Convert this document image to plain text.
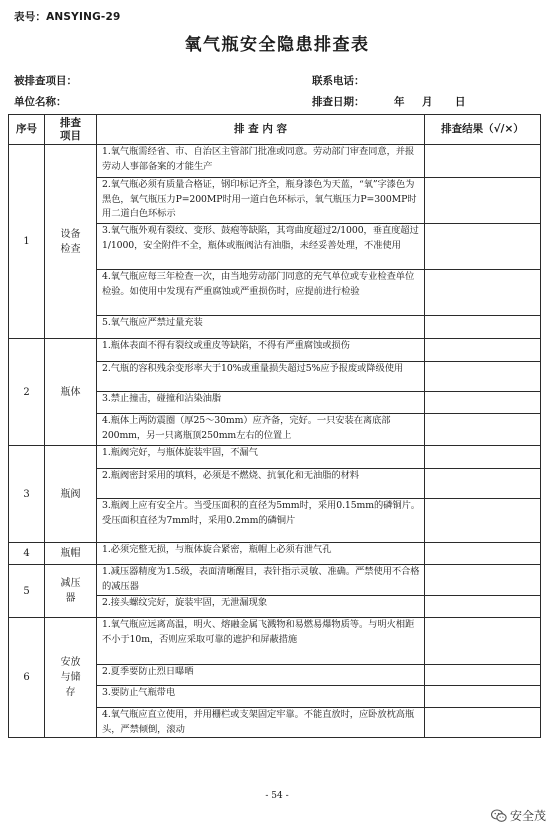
表号：ANSYING-29
氧气瓶安全隐患排查表
被排查项目：	联系电话：
单位名称：	排查日期：	年 月 日
序号	排查项目	排 查 内 容	排查结果（√/×）
1	设备检查	1.氧气瓶需经省、市、自治区主管部门批准或同意。劳动部门审查同意，并报劳动人事部备案的才能生产	
		2.氧气瓶必须有质量合格证，钢印标记齐全，瓶身漆色为天蓝，“氧”字漆色为黑色，氧气瓶压力P=200MP时用一道白色环标示，氧气瓶压力P=300MP时用二道白色环标示	
		3.氧气瓶外观有裂纹、变形、鼓疱等缺陷，其弯曲度超过2/1000，垂直度超过1/1000，安全附件不全，瓶体或瓶阀沾有油脂，未经妥善处理，不准使用	
		4.氧气瓶应每三年检查一次，由当地劳动部门同意的充气单位或专业检查单位检验。如使用中发现有严重腐蚀或严重损伤时，应提前进行检验	
		5.氧气瓶应严禁过量充装	
2	瓶体	1.瓶体表面不得有裂纹或重皮等缺陷，不得有严重腐蚀或损伤	
		2.气瓶的容积残余变形率大于10%或重量损失超过5%应予报废或降级使用	
		3.禁止撞击，碰撞和沾染油脂	
		4.瓶体上两防震圈（厚25～30mm）应齐备，完好。一只安装在离底部200mm，另一只离瓶顶250mm左右的位置上	
3	瓶阀	1.瓶阀完好，与瓶体旋装牢固，不漏气	
		2.瓶阀密封采用的填料，必须是不燃烧、抗氧化和无油脂的材料	
		3.瓶阀上应有安全片。当受压面积的直径为5mm时，采用0.15mm的磷铜片。受压面积直径为7mm时，采用0.2mm的磷铜片	
4	瓶帽	1.必须完整无损，与瓶体旋合紧密，瓶帽上必须有泄气孔	
5	减压器	1.减压器精度为1.5级，表面清晰醒目，表针指示灵敏、准确。严禁使用不合格的减压器	
		2.接头螺纹完好，旋装牢固，无泄漏现象	
6	安放与储存	1.氧气瓶应远离高温，明火、熔融金属飞溅物和易燃易爆物质等。与明火相距不小于10m，否则应采取可靠的遮护和屏蔽措施	
		2.夏季要防止烈日曝晒	
		3.要防止气瓶带电	
		4.氧气瓶应直立使用，并用栅栏或支架固定牢靠。不能直放时，应卧放枕高瓶头，严禁倾倒，滚动	
- 54 -
安全茂
